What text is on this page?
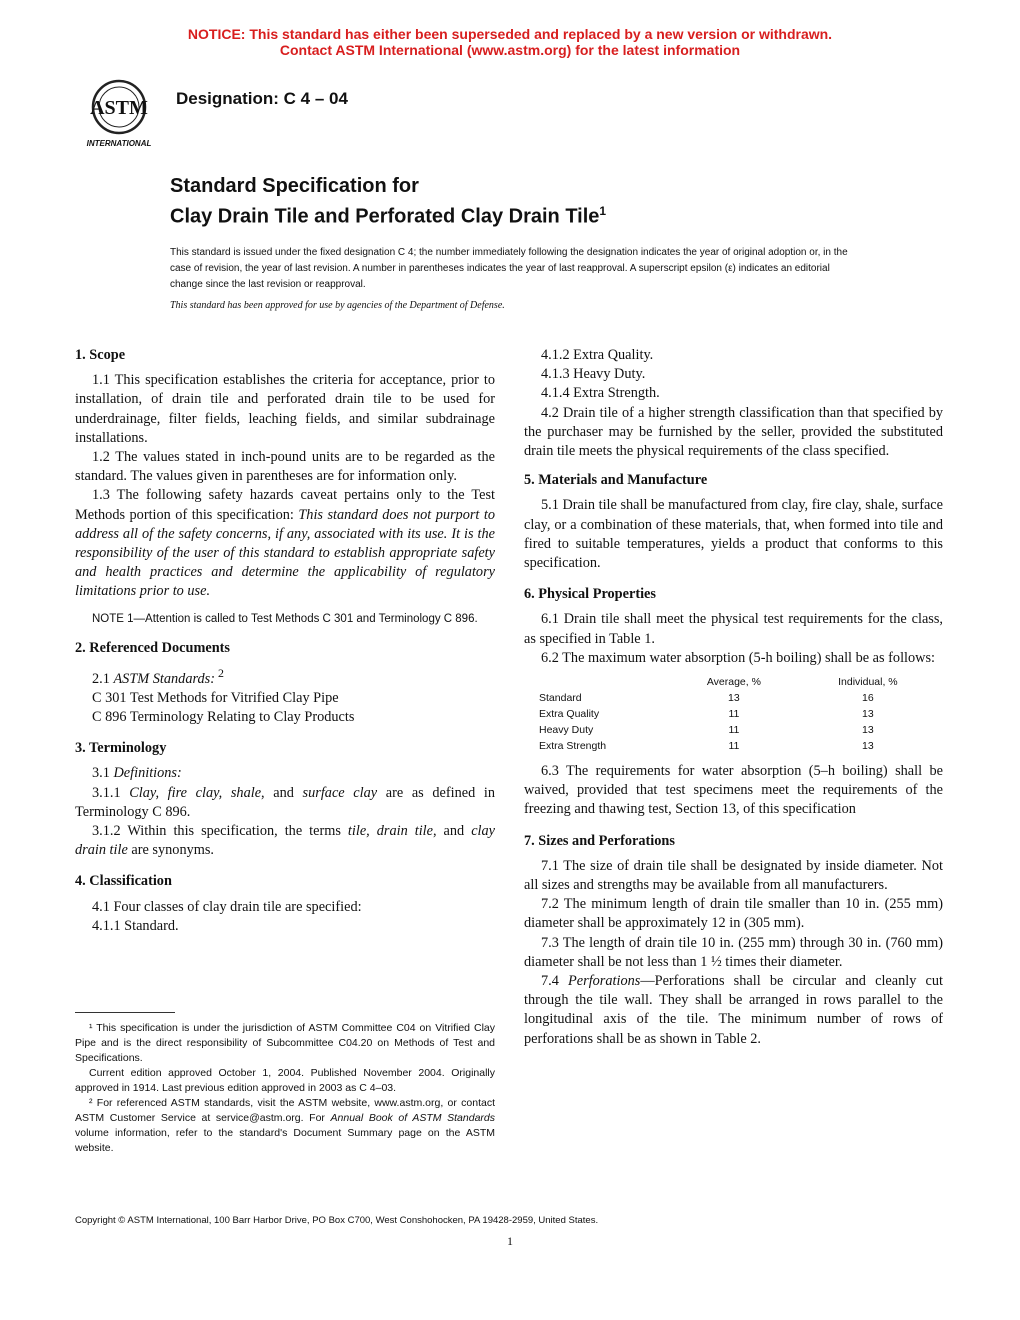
NOTICE: This standard has either been superseded and replaced by a new version or withdrawn.
Contact ASTM International (www.astm.org) for the latest information
ASTM
INTERNATIONAL
Designation: C 4 – 04
Standard Specification for
Clay Drain Tile and Perforated Clay Drain Tile$^1$
This standard is issued under the fixed designation C 4; the number immediately following the designation indicates the year of original adoption or, in the case of revision, the year of last revision. A number in parentheses indicates the year of last reapproval. A superscript epsilon (ε) indicates an editorial change since the last revision or reapproval.
This standard has been approved for use by agencies of the Department of Defense.
1. Scope

1.1 This specification establishes the criteria for acceptance, prior to installation, of drain tile and perforated drain tile to be used for underdrainage, filter fields, leaching fields, and similar subdrainage installations.

1.2 The values stated in inch-pound units are to be regarded as the standard. The values given in parentheses are for information only.

1.3 The following safety hazards caveat pertains only to the Test Methods portion of this specification: This standard does not purport to address all of the safety concerns, if any, associated with its use. It is the responsibility of the user of this standard to establish appropriate safety and health practices and determine the applicability of regulatory limitations prior to use.

NOTE 1—Attention is called to Test Methods C 301 and Terminology C 896.

2. Referenced Documents

2.1 ASTM Standards: $^2$

C 301 Test Methods for Vitrified Clay Pipe

C 896 Terminology Relating to Clay Products

3. Terminology

3.1 Definitions:

3.1.1 Clay, fire clay, shale, and surface clay are as defined in Terminology C 896.

3.1.2 Within this specification, the terms tile, drain tile, and clay drain tile are synonyms.

4. Classification

4.1 Four classes of clay drain tile are specified:

4.1.1 Standard.

¹ This specification is under the jurisdiction of ASTM Committee C04 on Vitrified Clay Pipe and is the direct responsibility of Subcommittee C04.20 on Methods of Test and Specifications.

Current edition approved October 1, 2004. Published November 2004. Originally approved in 1914. Last previous edition approved in 2003 as C 4–03.

² For referenced ASTM standards, visit the ASTM website, www.astm.org, or contact ASTM Customer Service at service@astm.org. For Annual Book of ASTM Standards volume information, refer to the standard's Document Summary page on the ASTM website.

4.1.2 Extra Quality.

4.1.3 Heavy Duty.

4.1.4 Extra Strength.

4.2 Drain tile of a higher strength classification than that specified by the purchaser may be furnished by the seller, provided the substituted drain tile meets the physical requirements of the class specified.

5. Materials and Manufacture

5.1 Drain tile shall be manufactured from clay, fire clay, shale, surface clay, or a combination of these materials, that, when formed into tile and fired to suitable temperatures, yields a product that conforms to this specification.

6. Physical Properties

6.1 Drain tile shall meet the physical test requirements for the class, as specified in Table 1.

6.2 The maximum water absorption (5-h boiling) shall be as follows:

	Average, %	Individual, %
Standard	13	16
Extra Quality	11	13
Heavy Duty	11	13
Extra Strength	11	13

6.3 The requirements for water absorption (5–h boiling) shall be waived, provided that test specimens meet the requirements of the freezing and thawing test, Section 13, of this specification

7. Sizes and Perforations

7.1 The size of drain tile shall be designated by inside diameter. Not all sizes and strengths may be available from all manufacturers.

7.2 The minimum length of drain tile smaller than 10 in. (255 mm) diameter shall be approximately 12 in (305 mm).

7.3 The length of drain tile 10 in. (255 mm) through 30 in. (760 mm) diameter shall be not less than 1 ½ times their diameter.

7.4 Perforations—Perforations shall be circular and cleanly cut through the tile wall. They shall be arranged in rows parallel to the longitudinal axis of the tile. The minimum number of rows of perforations shall be as shown in Table 2.

Copyright © ASTM International, 100 Barr Harbor Drive, PO Box C700, West Conshohocken, PA 19428-2959, United States.
1
